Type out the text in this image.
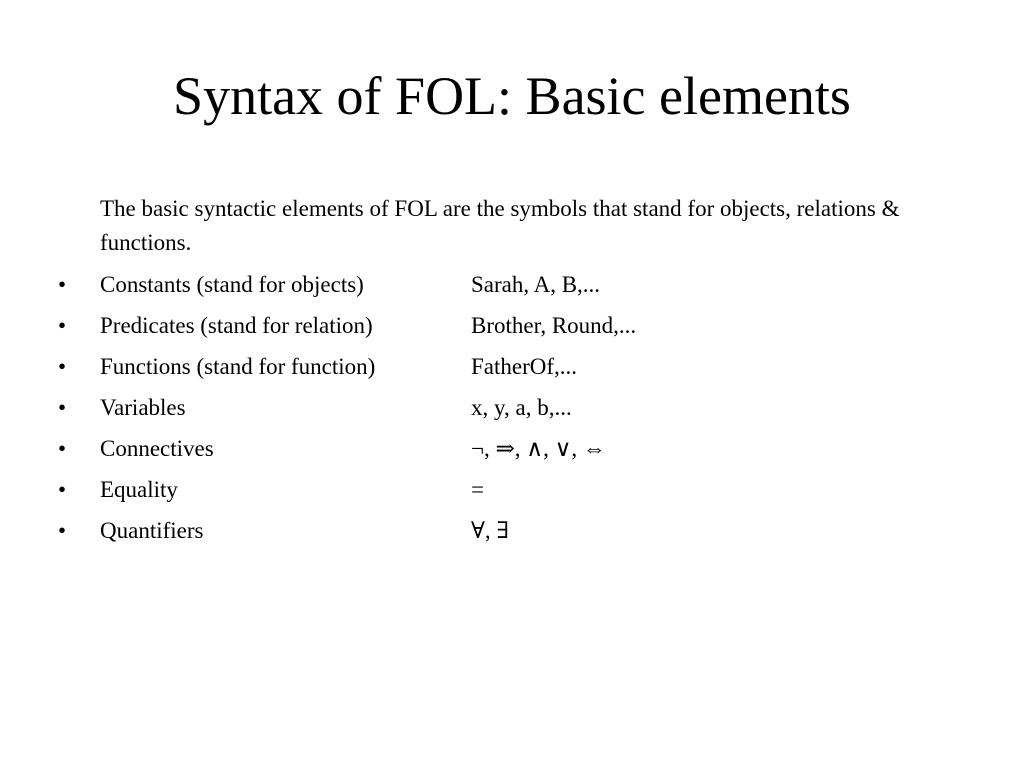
Syntax of FOL: Basic elements

The basic syntactic elements of FOL are the symbols that stand for objects, relations & functions.

• Constants (stand for objects)	Sarah, A, B,...
• Predicates (stand for relation)	Brother, Round,...
• Functions (stand for function)	FatherOf,...
• Variables	x, y, a, b,...
• Connectives	¬, ⇒, ∧, ∨, ⇔
• Equality	=
• Quantifiers	∀, ∃
